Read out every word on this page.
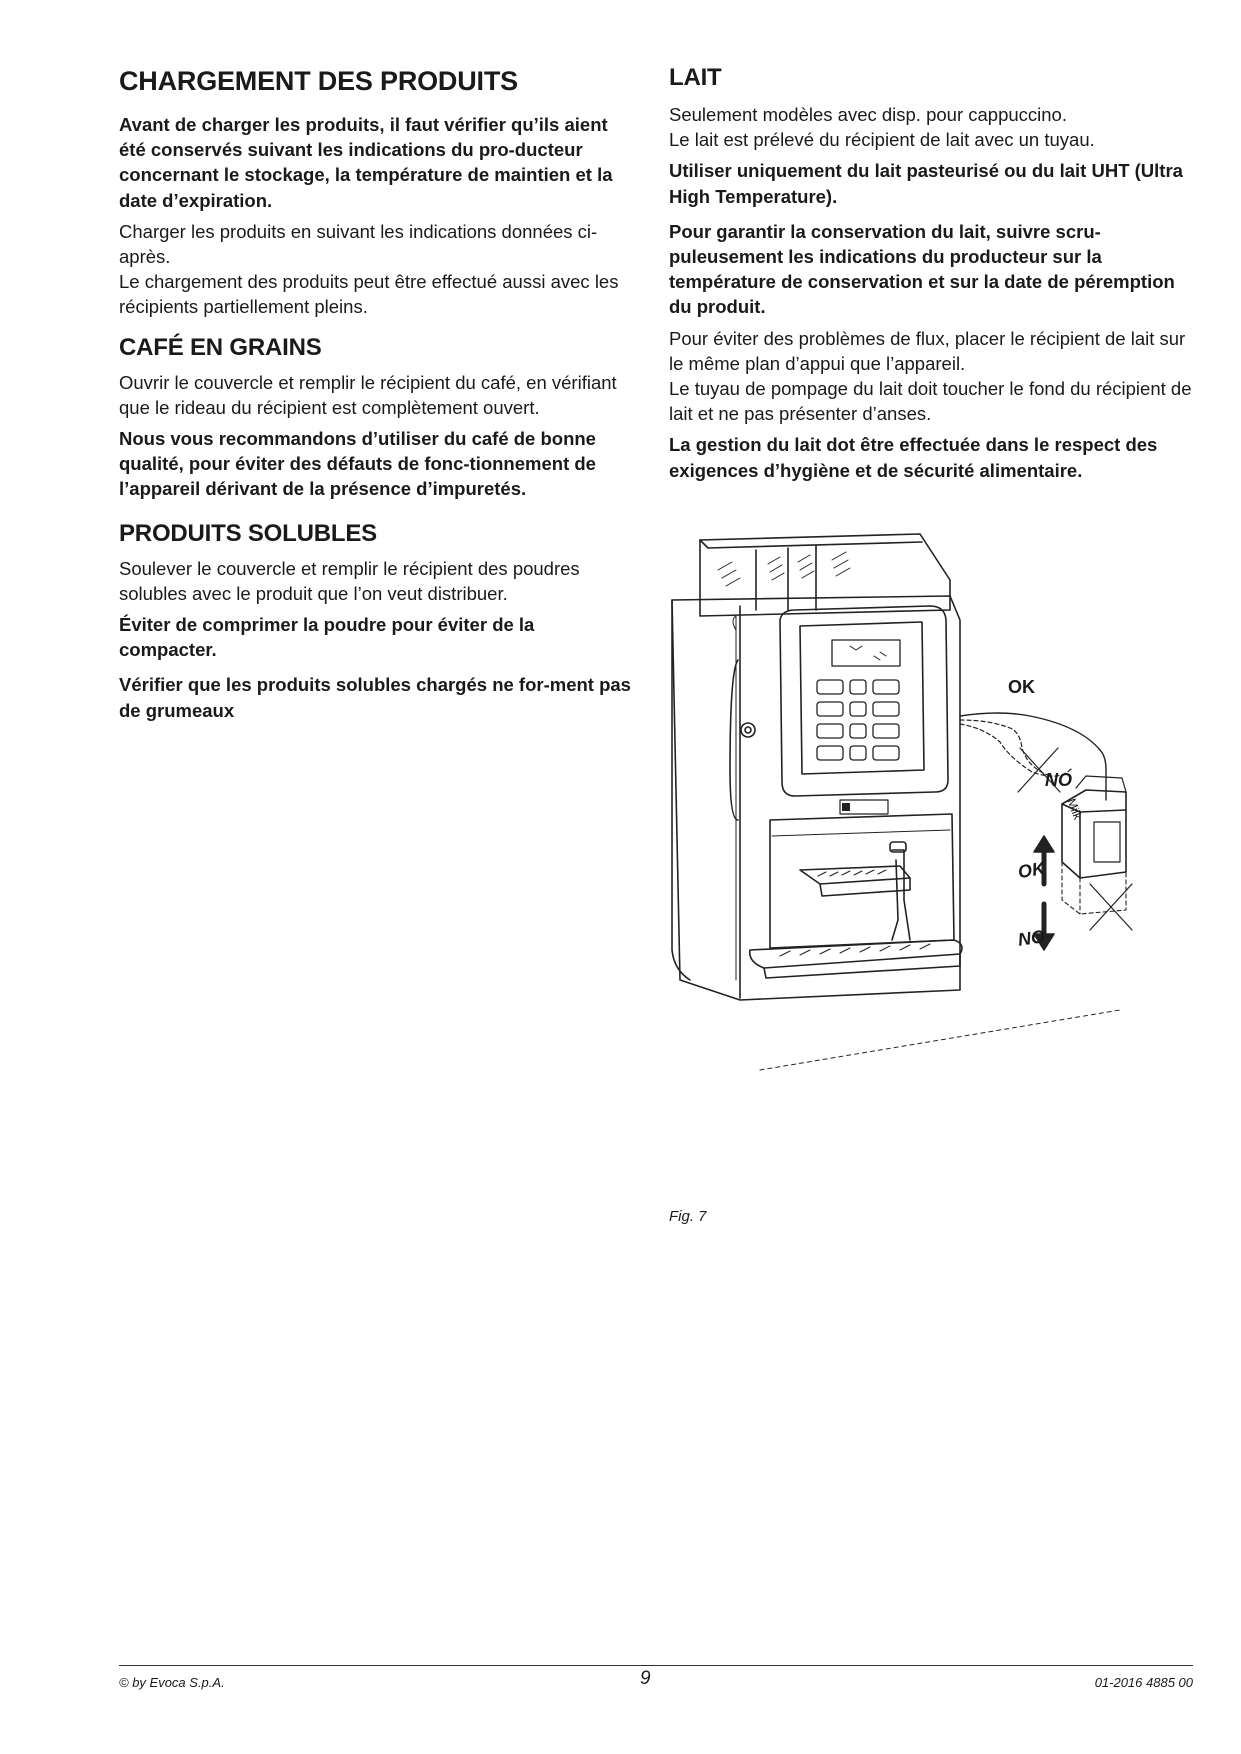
CHARGEMENT DES PRODUITS

Avant de charger les produits, il faut vérifier qu’ils aient été conservés suivant les indications du pro-ducteur concernant le stockage, la température de maintien et la date d’expiration.

Charger les produits en suivant les indications données ci-après.

Le chargement des produits peut être effectué aussi avec les récipients partiellement pleins.

CAFÉ EN GRAINS

Ouvrir le couvercle et remplir le récipient du café, en vérifiant que le rideau du récipient est complètement ouvert.

Nous vous recommandons d’utiliser du café de bonne qualité, pour éviter des défauts de fonc-tionnement de l’appareil dérivant de la présence d’impuretés.

PRODUITS SOLUBLES

Soulever le couvercle et remplir le récipient des poudres solubles avec le produit que l’on veut distribuer.

Éviter de comprimer la poudre pour éviter de la compacter.

Vérifier que les produits solubles chargés ne for-ment pas de grumeaux

LAIT

Seulement modèles avec disp. pour cappuccino.

Le lait est prélevé du récipient de lait avec un tuyau.

Utiliser uniquement du lait pasteurisé ou du lait UHT (Ultra High Temperature).

Pour garantir la conservation du lait, suivre scru-puleusement les indications du producteur sur la température de conservation et sur la date de péremption du produit.

Pour éviter des problèmes de flux, placer le récipient de lait sur le même plan d’appui que l’appareil.

Le tuyau de pompage du lait doit toucher le fond du récipient de lait et ne pas présenter d’anses.

La gestion du lait dot être effectuée dans le respect des exigences d’hygiène et de sécurité alimentaire.

OK
NO
Milk
OK
NO
Fig. 7
© by Evoca S.p.A.	9	01-2016 4885 00
